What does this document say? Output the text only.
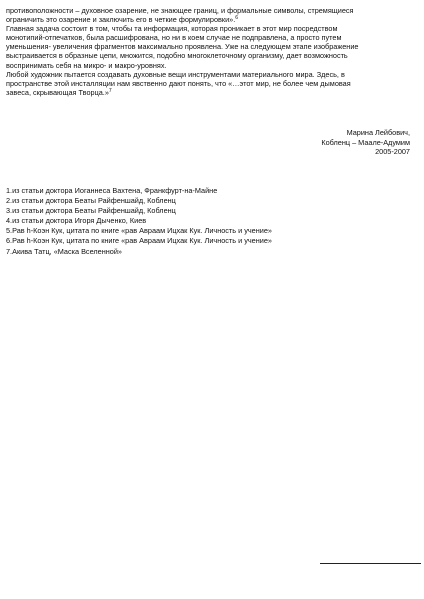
противоположности – духовное озарение, не знающее границ, и формальные символы, стремящиеся
ограничить это озарение и заключить его в четкие формулировки».$^6$
Главная задача состоит в том, чтобы та информация, которая проникает в этот мир посредством
монотипий-отпечатков, была расшифрована, но ни в коем случае не подправлена, а просто путем
уменьшения- увеличения фрагментов максимально проявлена. Уже на следующем этапе изображение
выстраивается в образные цепи, множится, подобно многоклеточному организму, дает возможность
воспринимать себя на микро- и макро-уровнях.
Любой художник пытается создавать духовные вещи инструментами материального мира. Здесь, в
пространстве этой инсталляции нам явственно дают понять, что «…этот мир, не более чем дымовая
завеса, скрывающая Творца.»$^7$
Марина Лейбович,
Кобленц – Маале-Адумим
2005-2007
1.из статьи доктора Иоганнеса Вахтена, Франкфурт-на-Майне
2.из статьи доктора Беаты Райфеншайд, Кобленц
3.из статьи доктора Беаты Райфеншайд, Кобленц
4.из статьи доктора Игоря Дыченко, Киев
5.Рав h-Коэн Кук, цитата по книге «рав Авраам Ицхак Кук. Личность и учение»
6.Рав h-Коэн Кук, цитата по книге «рав Авраам Ицхак Кук. Личность и учение»
7.Акива Татц, «Маска Вселенной»
